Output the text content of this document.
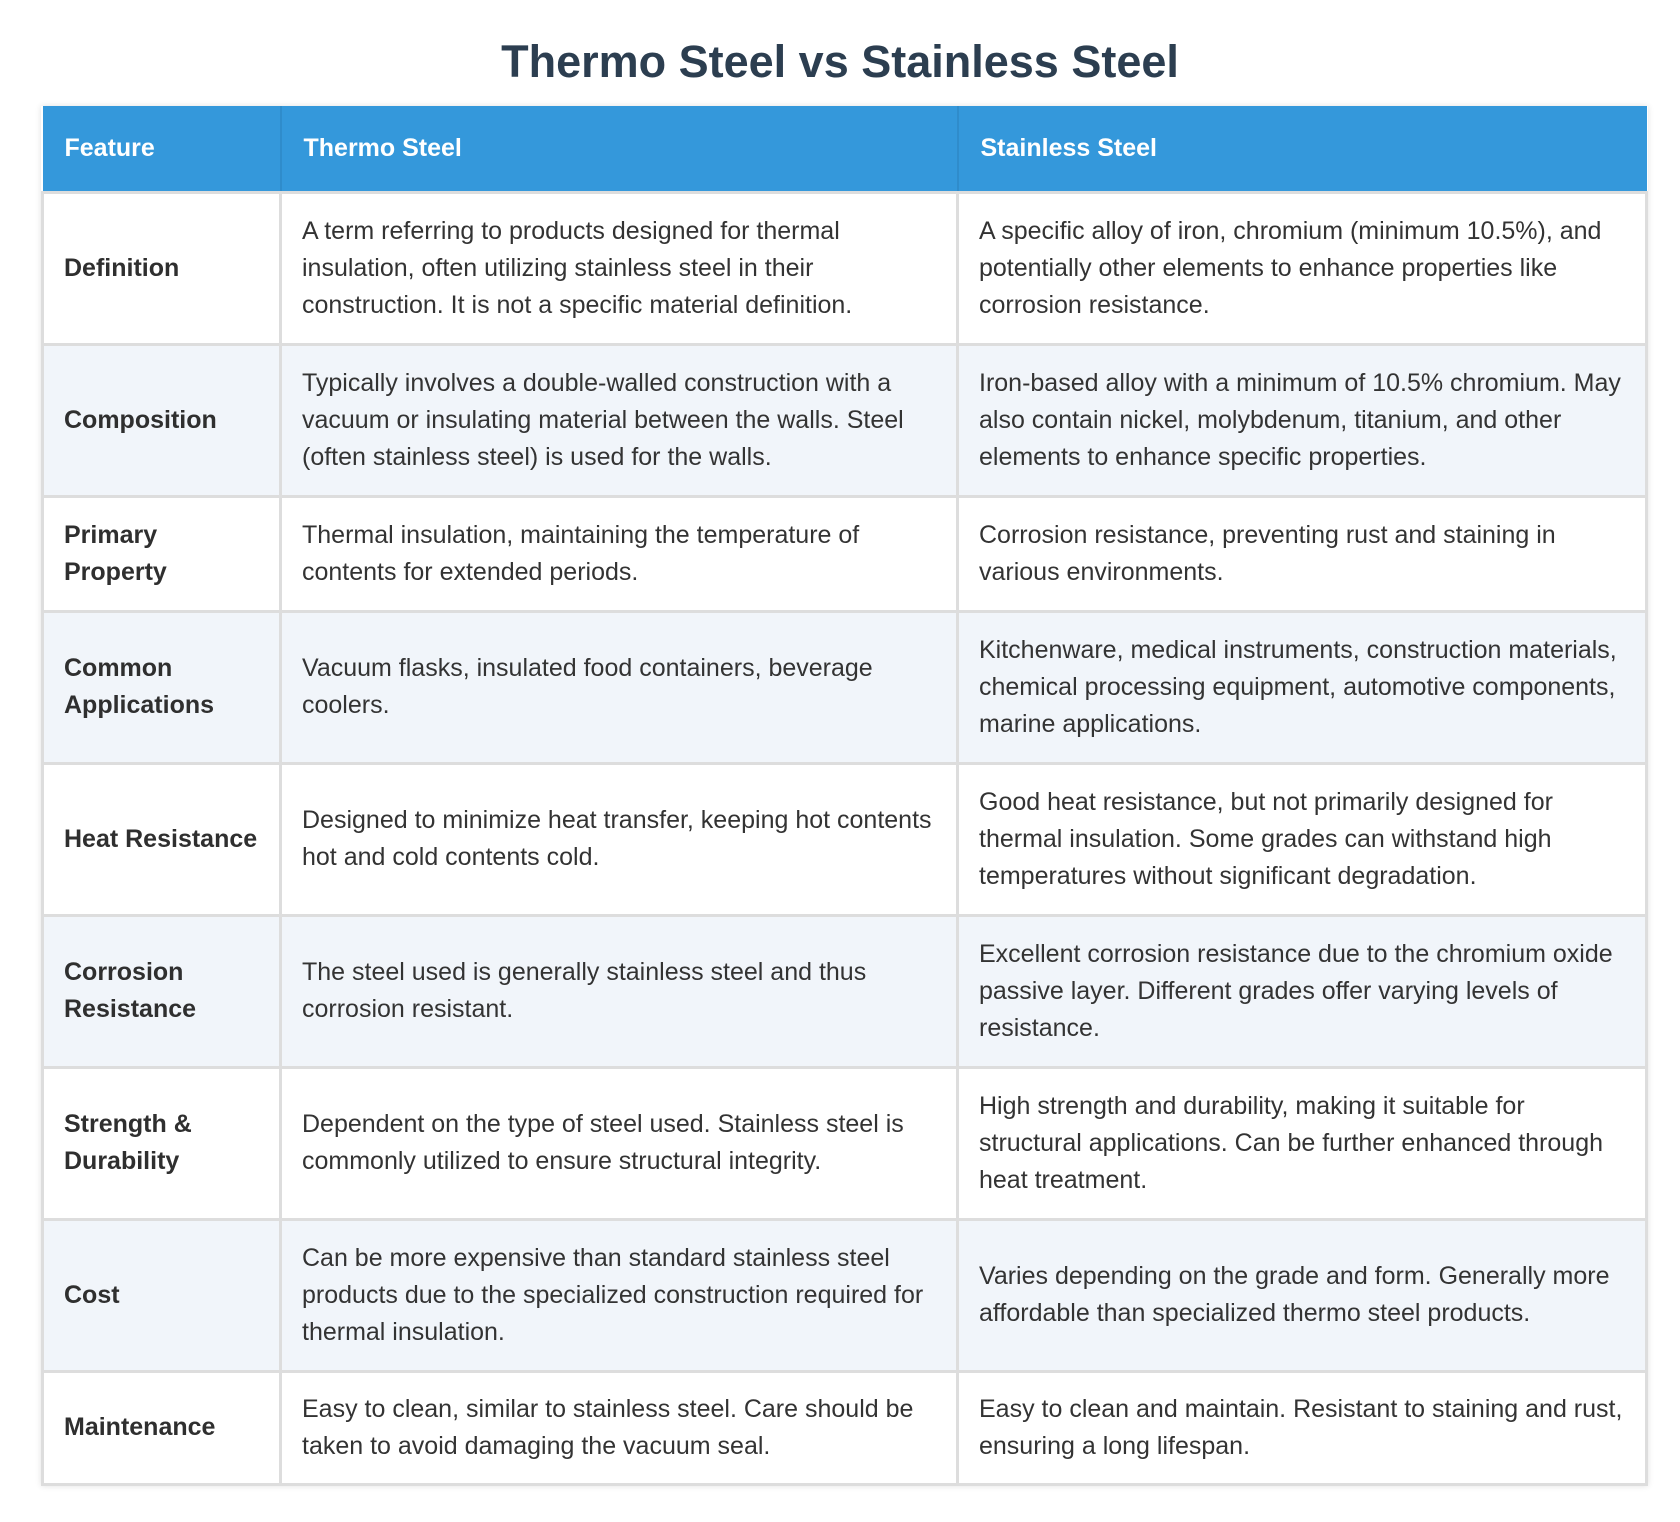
Thermo Steel vs Stainless Steel
Feature	Thermo Steel	Stainless Steel
Definition	A term referring to products designed for thermal insulation, often utilizing stainless steel in their construction. It is not a specific material definition.	A specific alloy of iron, chromium (minimum 10.5%), and potentially other elements to enhance properties like corrosion resistance.
Composition	Typically involves a double-walled construction with a vacuum or insulating material between the walls. Steel (often stainless steel) is used for the walls.	Iron-based alloy with a minimum of 10.5% chromium. May also contain nickel, molybdenum, titanium, and other elements to enhance specific properties.
Primary Property	Thermal insulation, maintaining the temperature of contents for extended periods.	Corrosion resistance, preventing rust and staining in various environments.
Common Applications	Vacuum flasks, insulated food containers, beverage coolers.	Kitchenware, medical instruments, construction materials, chemical processing equipment, automotive components, marine applications.
Heat Resistance	Designed to minimize heat transfer, keeping hot contents hot and cold contents cold.	Good heat resistance, but not primarily designed for thermal insulation. Some grades can withstand high temperatures without significant degradation.
Corrosion Resistance	The steel used is generally stainless steel and thus corrosion resistant.	Excellent corrosion resistance due to the chromium oxide passive layer. Different grades offer varying levels of resistance.
Strength & Durability	Dependent on the type of steel used. Stainless steel is commonly utilized to ensure structural integrity.	High strength and durability, making it suitable for structural applications. Can be further enhanced through heat treatment.
Cost	Can be more expensive than standard stainless steel products due to the specialized construction required for thermal insulation.	Varies depending on the grade and form. Generally more affordable than specialized thermo steel products.
Maintenance	Easy to clean, similar to stainless steel. Care should be taken to avoid damaging the vacuum seal.	Easy to clean and maintain. Resistant to staining and rust, ensuring a long lifespan.
